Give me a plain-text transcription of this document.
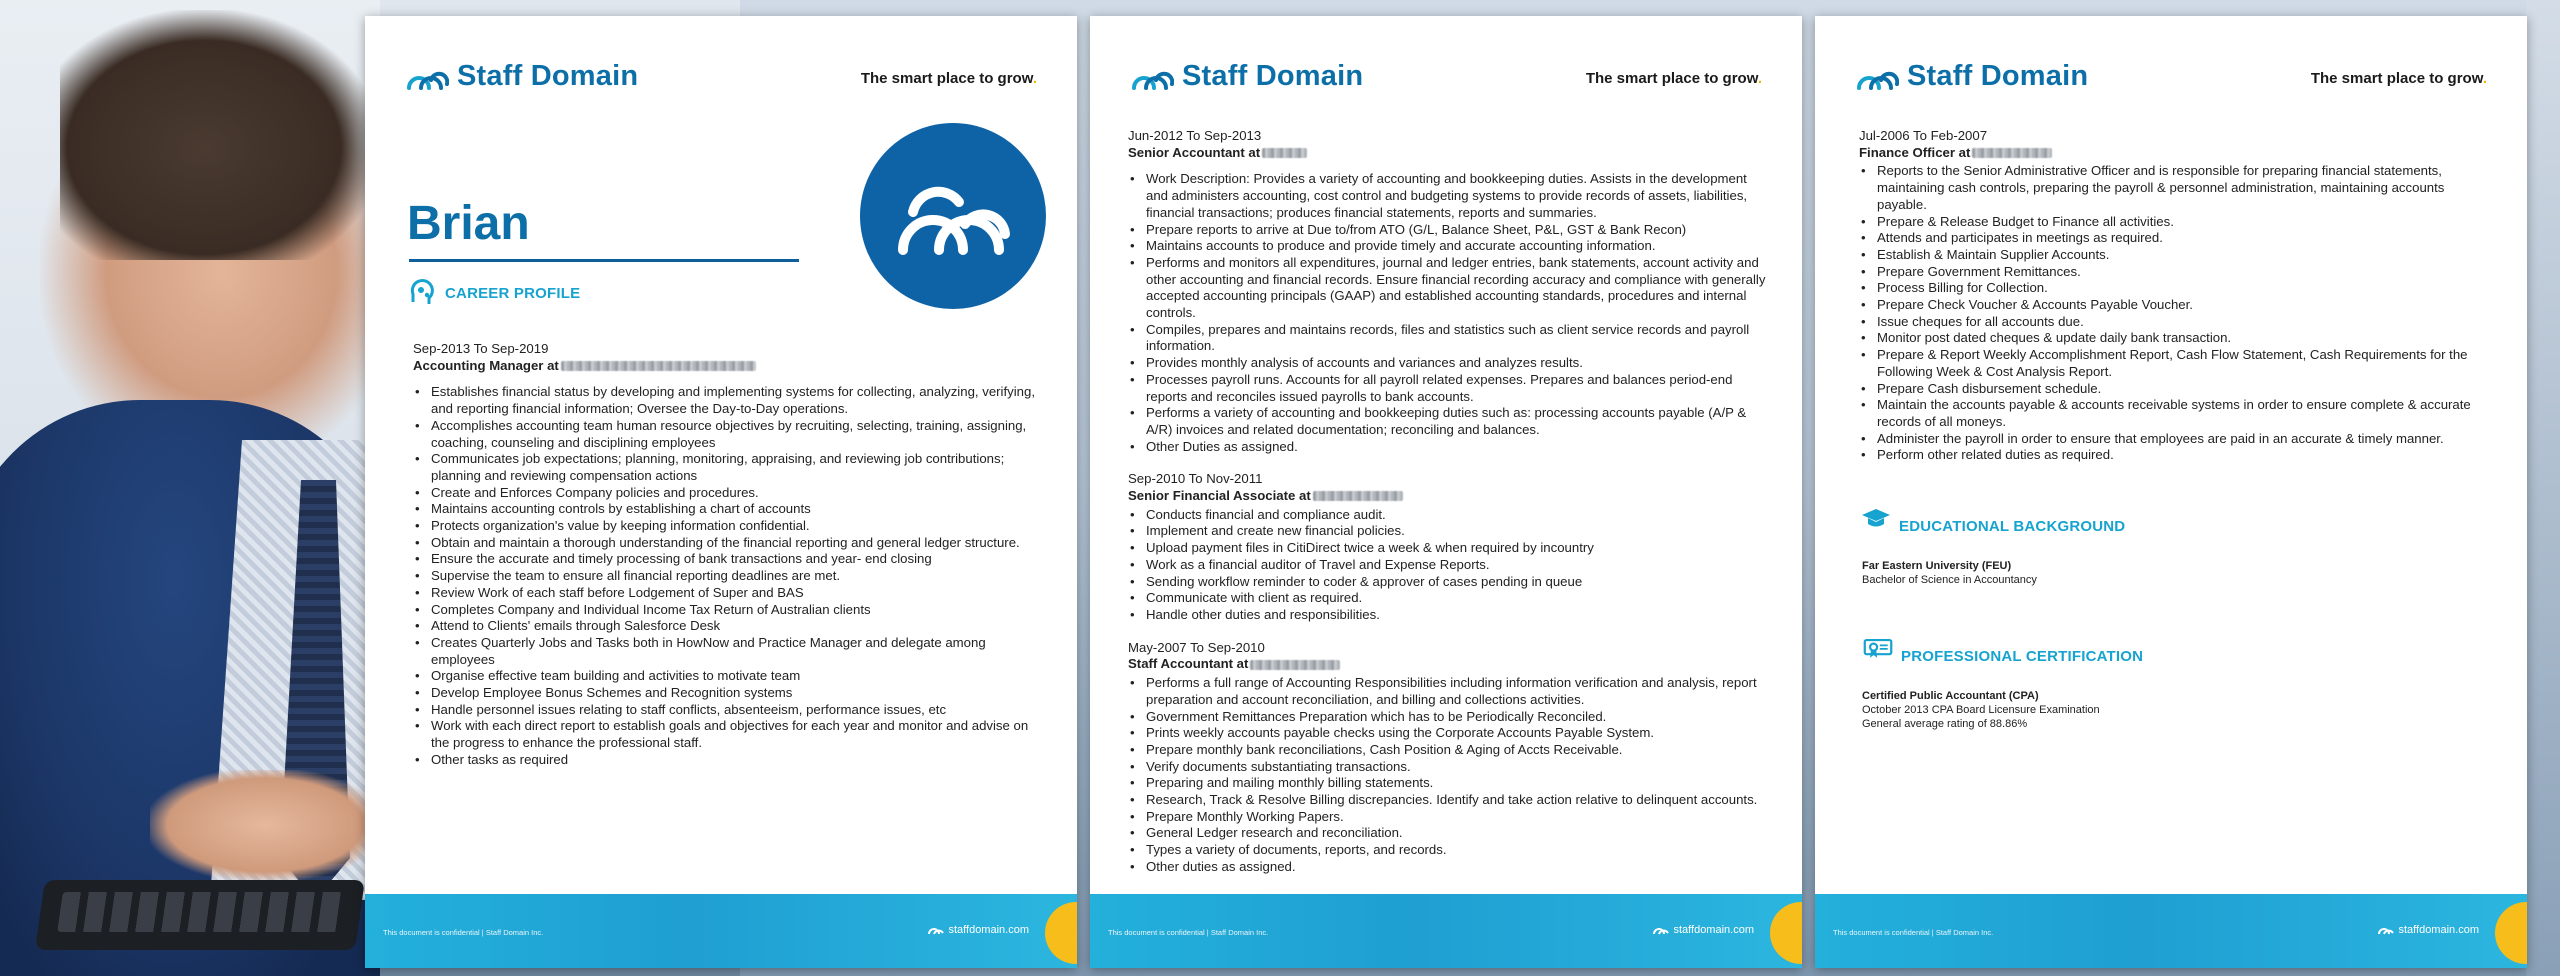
Staff Domain	The smart place to grow.
Brian
CAREER PROFILE
Sep-2013 To Sep-2019
Accounting Manager at
• Establishes financial status by developing and implementing systems for collecting, analyzing, verifying, and reporting financial information; Oversee the Day-to-Day operations.
• Accomplishes accounting team human resource objectives by recruiting, selecting, training, assigning, coaching, counseling and disciplining employees
• Communicates job expectations; planning, monitoring, appraising, and reviewing job contributions; planning and reviewing compensation actions
• Create and Enforces Company policies and procedures.
• Maintains accounting controls by establishing a chart of accounts
• Protects organization's value by keeping information confidential.
• Obtain and maintain a thorough understanding of the financial reporting and general ledger structure.
• Ensure the accurate and timely processing of bank transactions and year- end closing
• Supervise the team to ensure all financial reporting deadlines are met.
• Review Work of each staff before Lodgement of Super and BAS
• Completes Company and Individual Income Tax Return of Australian clients
• Attend to Clients' emails through Salesforce Desk
• Creates Quarterly Jobs and Tasks both in HowNow and Practice Manager and delegate among employees
• Organise effective team building and activities to motivate team
• Develop Employee Bonus Schemes and Recognition systems
• Handle personnel issues relating to staff conflicts, absenteeism, performance issues, etc
• Work with each direct report to establish goals and objectives for each year and monitor and advise on the progress to enhance the professional staff.
• Other tasks as required
This document is confidential | Staff Domain Inc.	staffdomain.com
Staff Domain	The smart place to grow.
Jun-2012 To Sep-2013
Senior Accountant at
• Work Description: Provides a variety of accounting and bookkeeping duties. Assists in the development and administers accounting, cost control and budgeting systems to provide records of assets, liabilities, financial transactions; produces financial statements, reports and summaries.
• Prepare reports to arrive at Due to/from ATO (G/L, Balance Sheet, P&L, GST & Bank Recon)
• Maintains accounts to produce and provide timely and accurate accounting information.
• Performs and monitors all expenditures, journal and ledger entries, bank statements, account activity and other accounting and financial records. Ensure financial recording accuracy and compliance with generally accepted accounting principals (GAAP) and established accounting standards, procedures and internal controls.
• Compiles, prepares and maintains records, files and statistics such as client service records and payroll information.
• Provides monthly analysis of accounts and variances and analyzes results.
• Processes payroll runs. Accounts for all payroll related expenses. Prepares and balances period-end reports and reconciles issued payrolls to bank accounts.
• Performs a variety of accounting and bookkeeping duties such as: processing accounts payable (A/P & A/R) invoices and related documentation; reconciling and balances.
• Other Duties as assigned.
Sep-2010 To Nov-2011
Senior Financial Associate at
• Conducts financial and compliance audit.
• Implement and create new financial policies.
• Upload payment files in CitiDirect twice a week & when required by incountry
• Work as a financial auditor of Travel and Expense Reports.
• Sending workflow reminder to coder & approver of cases pending in queue
• Communicate with client as required.
• Handle other duties and responsibilities.
May-2007 To Sep-2010
Staff Accountant at
• Performs a full range of Accounting Responsibilities including information verification and analysis, report preparation and account reconciliation, and billing and collections activities.
• Government Remittances Preparation which has to be Periodically Reconciled.
• Prints weekly accounts payable checks using the Corporate Accounts Payable System.
• Prepare monthly bank reconciliations, Cash Position & Aging of Accts Receivable.
• Verify documents substantiating transactions.
• Preparing and mailing monthly billing statements.
• Research, Track & Resolve Billing discrepancies. Identify and take action relative to delinquent accounts.
• Prepare Monthly Working Papers.
• General Ledger research and reconciliation.
• Types a variety of documents, reports, and records.
• Other duties as assigned.
This document is confidential | Staff Domain Inc.	staffdomain.com
Staff Domain	The smart place to grow.
Jul-2006 To Feb-2007
Finance Officer at
• Reports to the Senior Administrative Officer and is responsible for preparing financial statements, maintaining cash controls, preparing the payroll & personnel administration, maintaining accounts payable.
• Prepare & Release Budget to Finance all activities.
• Attends and participates in meetings as required.
• Establish & Maintain Supplier Accounts.
• Prepare Government Remittances.
• Process Billing for Collection.
• Prepare Check Voucher & Accounts Payable Voucher.
• Issue cheques for all accounts due.
• Monitor post dated cheques & update daily bank transaction.
• Prepare & Report Weekly Accomplishment Report, Cash Flow Statement, Cash Requirements for the Following Week & Cost Analysis Report.
• Prepare Cash disbursement schedule.
• Maintain the accounts payable & accounts receivable systems in order to ensure complete & accurate records of all moneys.
• Administer the payroll in order to ensure that employees are paid in an accurate & timely manner.
• Perform other related duties as required.
EDUCATIONAL BACKGROUND
Far Eastern University (FEU)
Bachelor of Science in Accountancy
PROFESSIONAL CERTIFICATION
Certified Public Accountant (CPA)
October 2013 CPA Board Licensure Examination
General average rating of 88.86%
This document is confidential | Staff Domain Inc.	staffdomain.com
